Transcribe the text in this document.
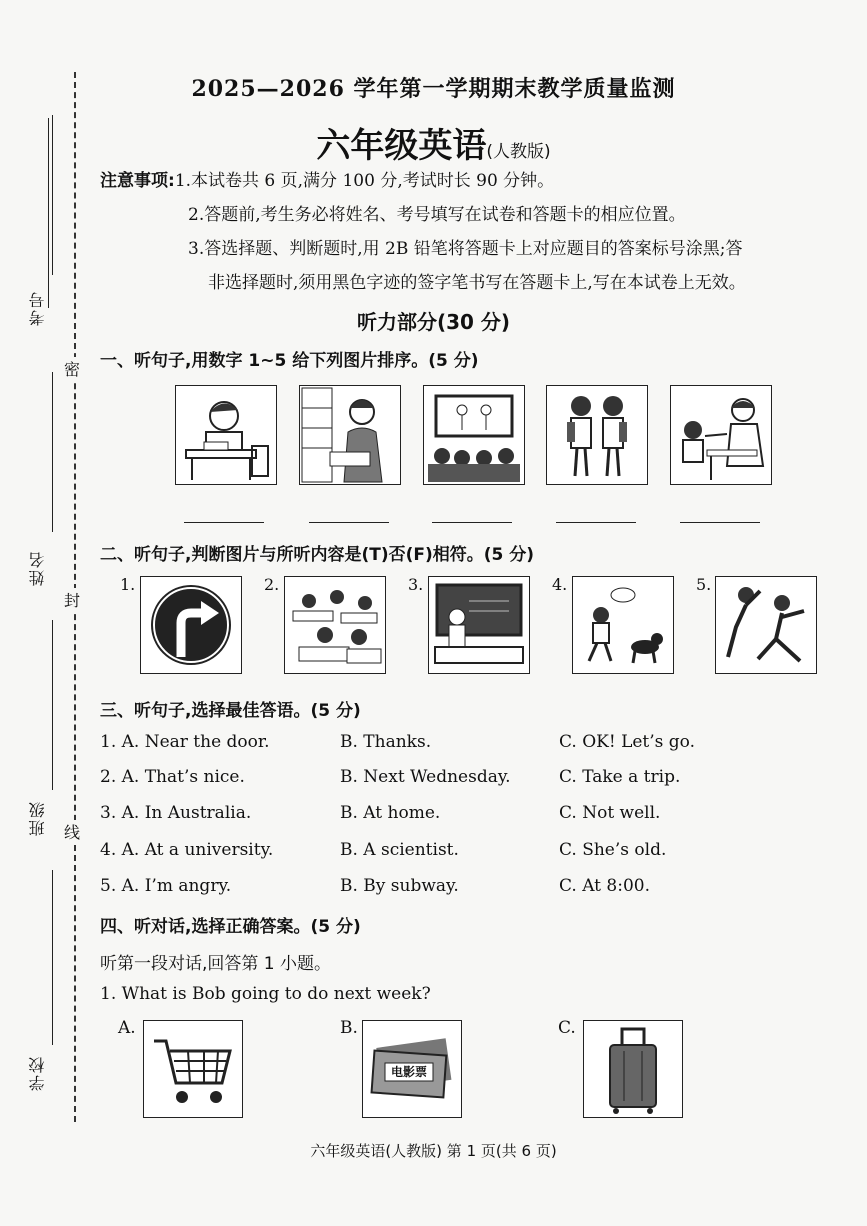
考号
姓名
班级
学校
密
封
线
2025—2026 学年第一学期期末教学质量监测
六年级英语(人教版)
注意事项:1.本试卷共 6 页,满分 100 分,考试时长 90 分钟。
2.答题前,考生务必将姓名、考号填写在试卷和答题卡的相应位置。
3.答选择题、判断题时,用 2B 铅笔将答题卡上对应题目的答案标号涂黑;答
非选择题时,须用黑色字迹的签字笔书写在答题卡上,写在本试卷上无效。
听力部分(30 分)
一、听句子,用数字 1~5 给下列图片排序。(5 分)
二、听句子,判断图片与所听内容是(T)否(F)相符。(5 分)
1.	2.	3.	4.	5.
三、听句子,选择最佳答语。(5 分)
1. A. Near the door.	B. Thanks.	C. OK! Let’s go.
2. A. That’s nice.	B. Next Wednesday.	C. Take a trip.
3. A. In Australia.	B. At home.	C. Not well.
4. A. At a university.	B. A scientist.	C. She’s old.
5. A. I’m angry.	B. By subway.	C. At 8:00.
四、听对话,选择正确答案。(5 分)
听第一段对话,回答第 1 小题。
1. What is Bob going to do next week?
A.	B.
电影票
C.
六年级英语(人教版) 第 1 页(共 6 页)
